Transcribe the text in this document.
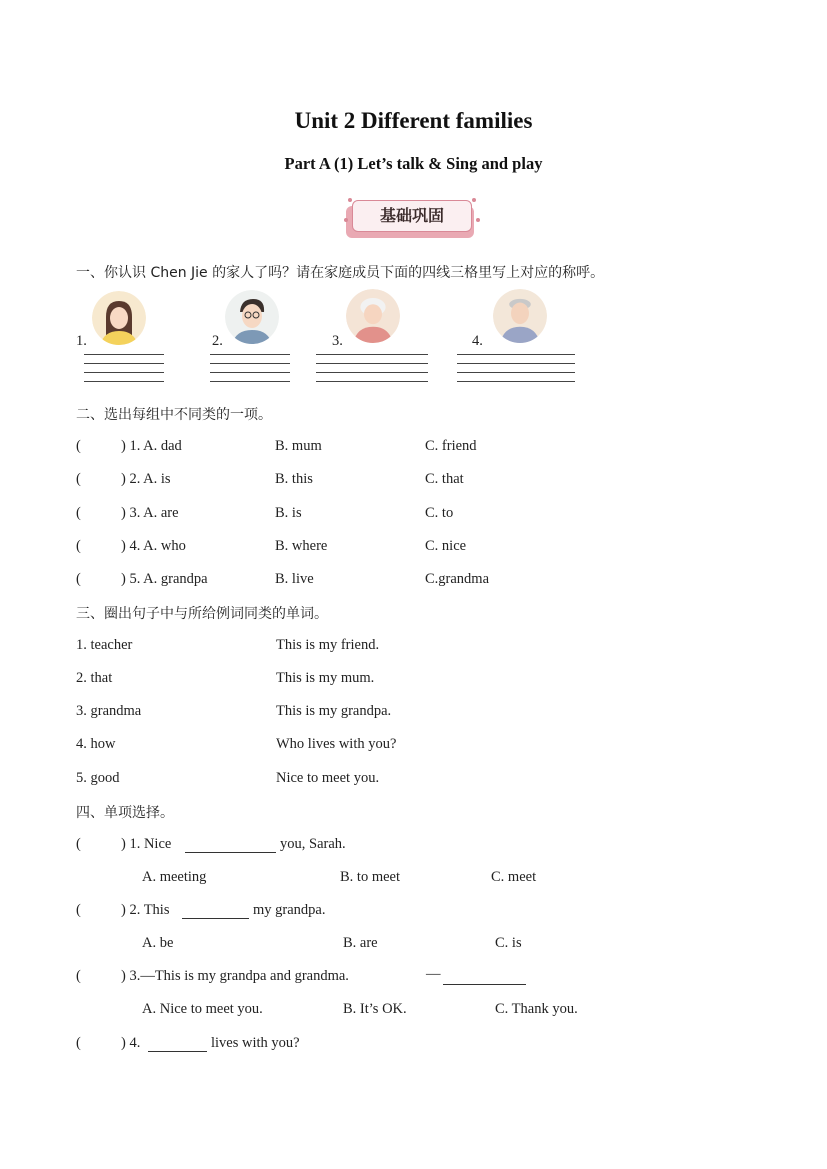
Unit 2 Different families
Part A (1) Let’s talk & Sing and play
基础巩固
一、你认识 Chen Jie 的家人了吗？请在家庭成员下面的四线三格里写上对应的称呼。
1.	2.	3.	4.
二、选出每组中不同类的一项。
(	) 1. A. dad	B. mum	C. friend
(	) 2. A. is	B. this	C. that
(	) 3. A. are	B. is	C. to
(	) 4. A. who	B. where	C. nice
(	) 5. A. grandpa	B. live	C.grandma
三、圈出句子中与所给例词同类的单词。
1. teacher	This is my friend.
2. that	This is my mum.
3. grandma	This is my grandpa.
4. how	Who lives with you?
5. good	Nice to meet you.
四、单项选择。
(	) 1. Nice	you, Sarah.
A. meeting	B. to meet	C. meet
(	) 2. This	my grandpa.
A. be	B. are	C. is
(	) 3.—This is my grandpa and grandma.	—
A. Nice to meet you.	B. It’s OK.	C. Thank you.
(	) 4.	lives with you?
